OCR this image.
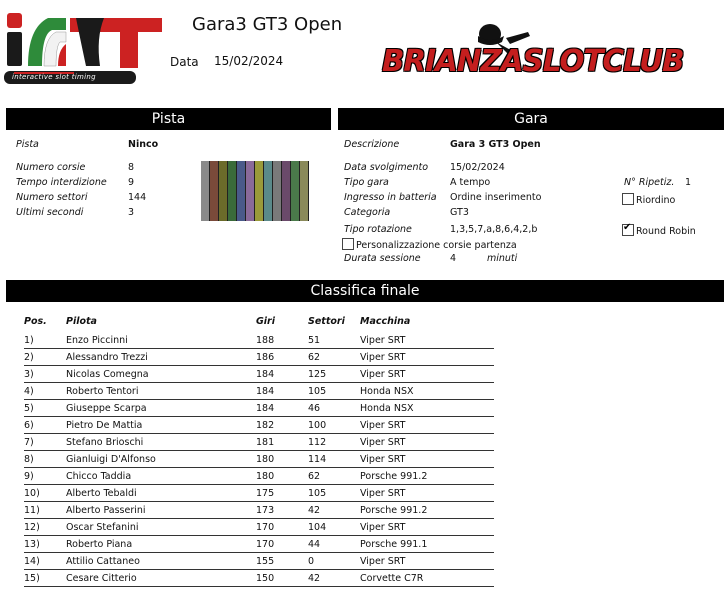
interactive slot timing
Gara3 GT3 Open
Data 15/02/2024	BRIANZASLOTCLUB
Pista	Gara
Pista	Ninco
Numero corsie	8
Tempo interdizione 9
Numero settori	144
Ultimi secondi	3
Descrizione	Gara 3 GT3 Open
Data svolgimento 15/02/2024
Tipo gara	A tempo
Ingresso in batteria Ordine inserimento
Categoria	GT3
Tipo rotazione	1,3,5,7,a,8,6,4,2,b
Personalizzazione corsie partenza
Durata sessione	4	minuti
N° Ripetiz. 1
Riordino
✔Round Robin
Classifica finale
Pos.	Pilota	Giri	Settori	Macchina
1)	Enzo Piccinni	188	51	Viper SRT
2)	Alessandro Trezzi	186	62	Viper SRT
3)	Nicolas Comegna	184	125	Viper SRT
4)	Roberto Tentori	184	105	Honda NSX
5)	Giuseppe Scarpa	184	46	Honda NSX
6)	Pietro De Mattia	182	100	Viper SRT
7)	Stefano Brioschi	181	112	Viper SRT
8)	Gianluigi D'Alfonso	180	114	Viper SRT
9)	Chicco Taddia	180	62	Porsche 991.2
10)	Alberto Tebaldi	175	105	Viper SRT
11)	Alberto Passerini	173	42	Porsche 991.2
12)	Oscar Stefanini	170	104	Viper SRT
13)	Roberto Piana	170	44	Porsche 991.1
14)	Attilio Cattaneo	155	0	Viper SRT
15)	Cesare Citterio	150	42	Corvette C7R
